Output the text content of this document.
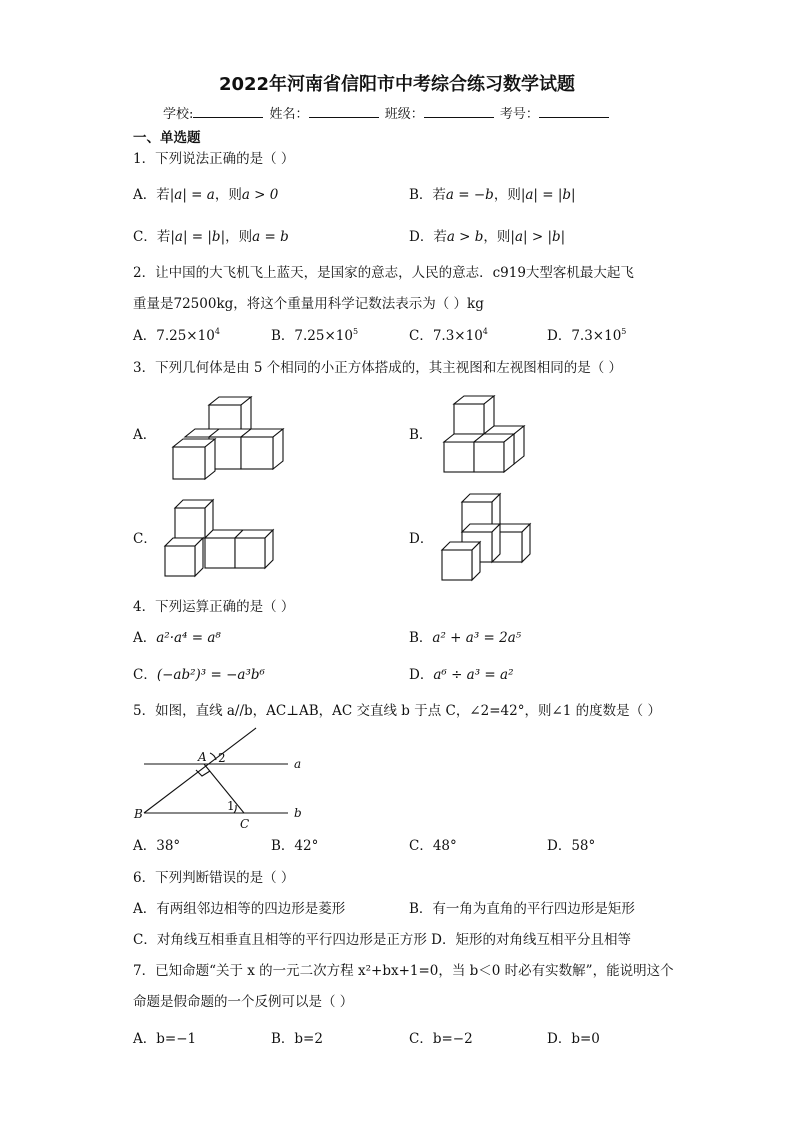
2022年河南省信阳市中考综合练习数学试题
学校:	姓名：	班级：	考号：
一、单选题
1．下列说法正确的是（ ）
A．若|a| = a，则a > 0	B．若a = −b，则|a| = |b|
C．若|a| = |b|，则a = b	D．若a > b，则|a| > |b|
2．让中国的大飞机飞上蓝天，是国家的意志，人民的意志．c919大型客机最大起飞
重量是72500kg，将这个重量用科学记数法表示为（ ）kg
A．$7.25\times 10^4$	B．$7.25\times 10^5$	C．$7.3\times 10^4$	D．$7.3\times 10^5$
3．下列几何体是由 5 个相同的小正方体搭成的，其主视图和左视图相同的是（ ）
A．	B．
C．	D．
4．下列运算正确的是（ ）
A．a²·a⁴ = a⁸	B．a² + a³ = 2a⁵
C．(−ab²)³ = −a³b⁶	D．a⁶ ÷ a³ = a²
5．如图，直线 a//b，AC⊥AB，AC 交直线 b 于点 C，∠2=42°，则∠1 的度数是（ ）
A 2	a
B
1	b
C
A．38°	B．42°	C．48°	D．58°
6．下列判断错误的是（ ）
A．有两组邻边相等的四边形是菱形	B．有一角为直角的平行四边形是矩形
C．对角线互相垂直且相等的平行四边形是正方形 D．矩形的对角线互相平分且相等
7．已知命题“关于 x 的一元二次方程 x²+bx+1=0，当 b＜0 时必有实数解”，能说明这个
命题是假命题的一个反例可以是（ ）
A．b=−1	B．b=2	C．b=−2	D．b=0
